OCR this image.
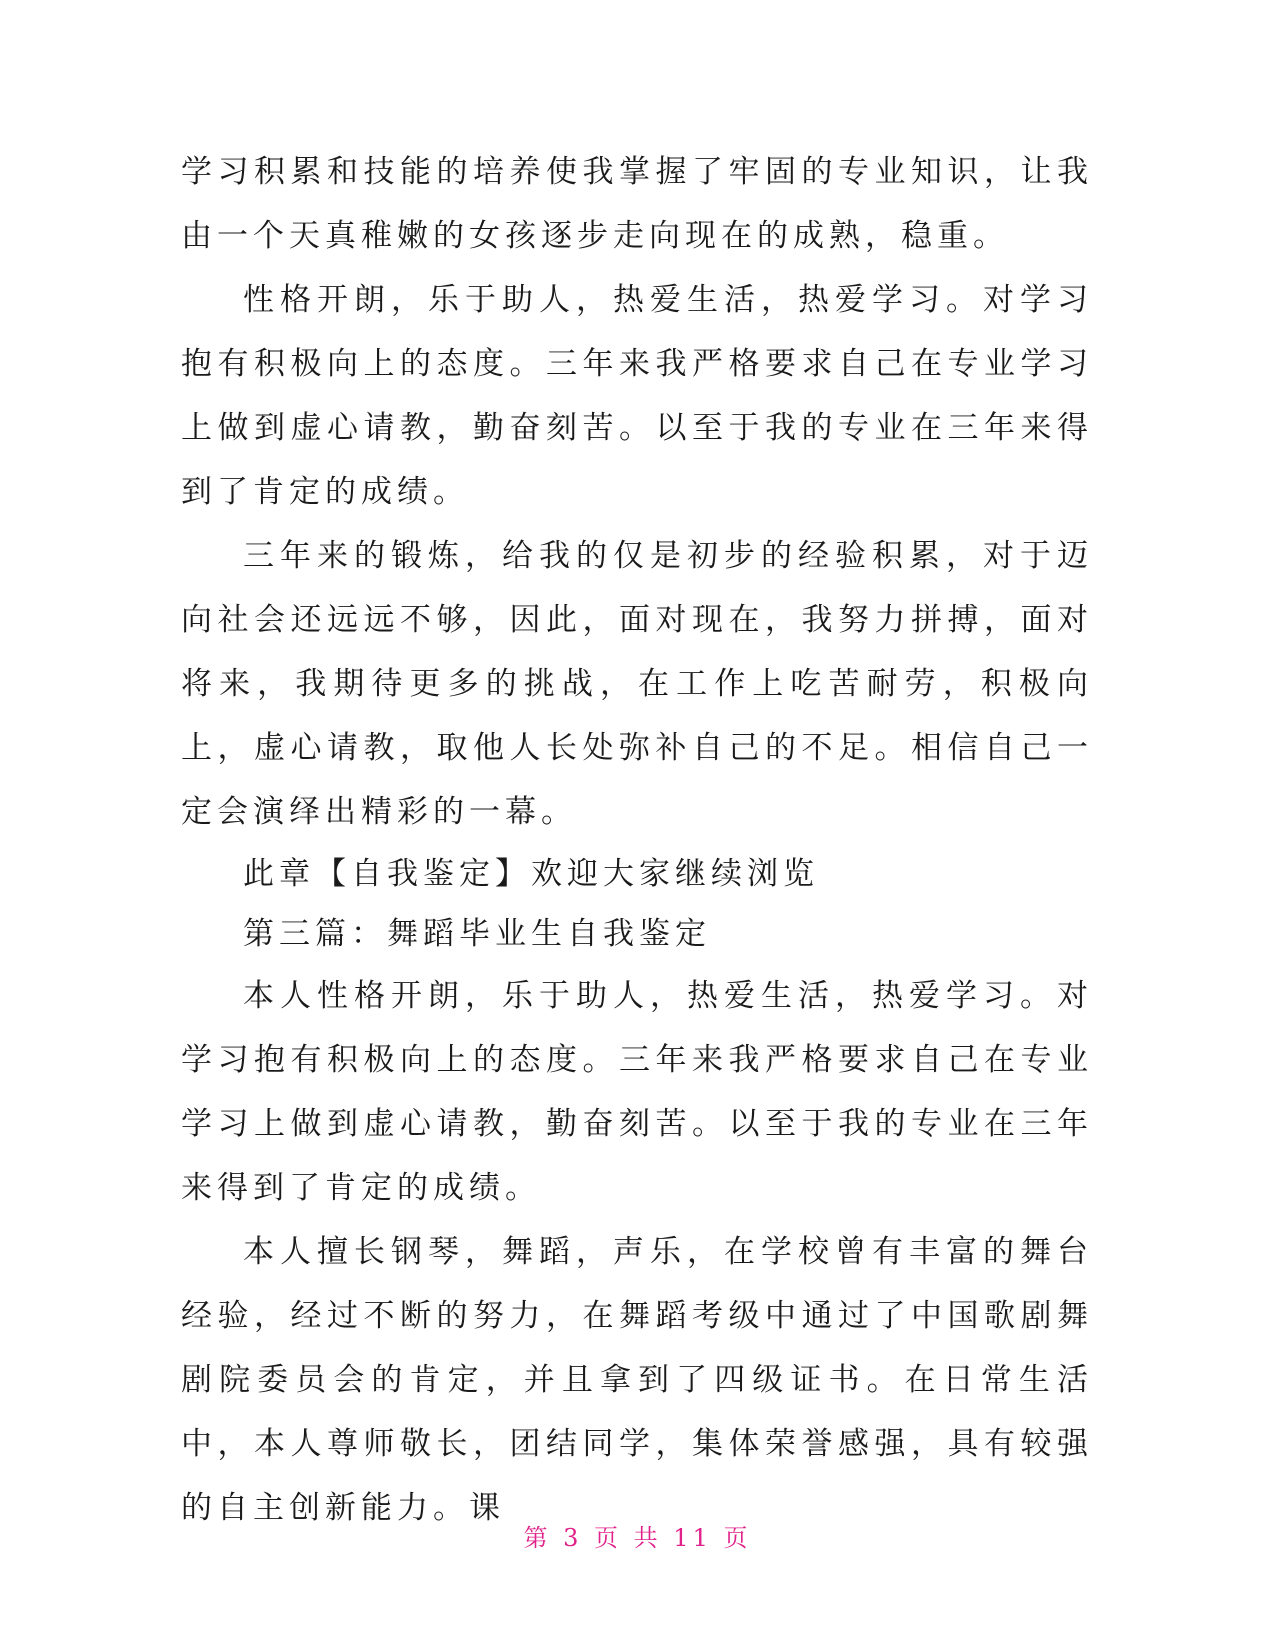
学习积累和技能的培养使我掌握了牢固的专业知识，让我由一个天真稚嫩的女孩逐步走向现在的成熟，稳重。

性格开朗，乐于助人，热爱生活，热爱学习。对学习抱有积极向上的态度。三年来我严格要求自己在专业学习上做到虚心请教，勤奋刻苦。以至于我的专业在三年来得到了肯定的成绩。

三年来的锻炼，给我的仅是初步的经验积累，对于迈向社会还远远不够，因此，面对现在，我努力拼搏，面对将来，我期待更多的挑战，在工作上吃苦耐劳，积极向上，虚心请教，取他人长处弥补自己的不足。相信自己一定会演绎出精彩的一幕。

此章【自我鉴定】欢迎大家继续浏览

第三篇：舞蹈毕业生自我鉴定

本人性格开朗，乐于助人，热爱生活，热爱学习。对学习抱有积极向上的态度。三年来我严格要求自己在专业学习上做到虚心请教，勤奋刻苦。以至于我的专业在三年来得到了肯定的成绩。

本人擅长钢琴，舞蹈，声乐，在学校曾有丰富的舞台经验，经过不断的努力，在舞蹈考级中通过了中国歌剧舞剧院委员会的肯定，并且拿到了四级证书。在日常生活中，本人尊师敬长，团结同学，集体荣誉感强，具有较强的自主创新能力。课

第 3 页 共 11 页
